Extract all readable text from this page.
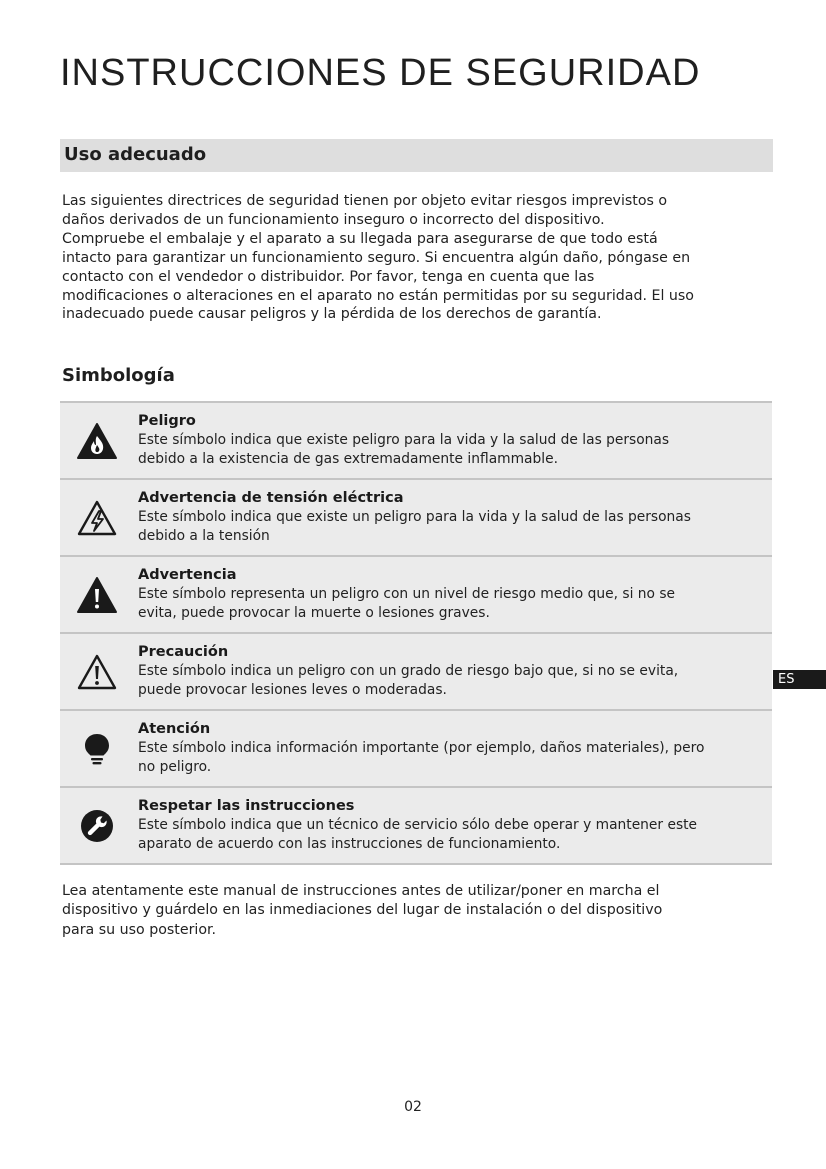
INSTRUCCIONES DE SEGURIDAD
Uso adecuado
Las siguientes directrices de seguridad tienen por objeto evitar riesgos imprevistos o
daños derivados de un funcionamiento inseguro o incorrecto del dispositivo.
Compruebe el embalaje y el aparato a su llegada para asegurarse de que todo está
intacto para garantizar un funcionamiento seguro. Si encuentra algún daño, póngase en
contacto con el vendedor o distribuidor. Por favor, tenga en cuenta que las
modificaciones o alteraciones en el aparato no están permitidas por su seguridad. El uso
inadecuado puede causar peligros y la pérdida de los derechos de garantía.
Simbología
Peligro
Este símbolo indica que existe peligro para la vida y la salud de las personas
debido a la existencia de gas extremadamente inflammable.
Advertencia de tensión eléctrica
Este símbolo indica que existe un peligro para la vida y la salud de las personas
debido a la tensión
Advertencia
Este símbolo representa un peligro con un nivel de riesgo medio que, si no se
evita, puede provocar la muerte o lesiones graves.
Precaución
Este símbolo indica un peligro con un grado de riesgo bajo que, si no se evita,
puede provocar lesiones leves o moderadas.
Atención
Este símbolo indica información importante (por ejemplo, daños materiales), pero
no peligro.
Respetar las instrucciones
Este símbolo indica que un técnico de servicio sólo debe operar y mantener este
aparato de acuerdo con las instrucciones de funcionamiento.
Lea atentamente este manual de instrucciones antes de utilizar/poner en marcha el
dispositivo y guárdelo en las inmediaciones del lugar de instalación o del dispositivo
para su uso posterior.
ES
02
